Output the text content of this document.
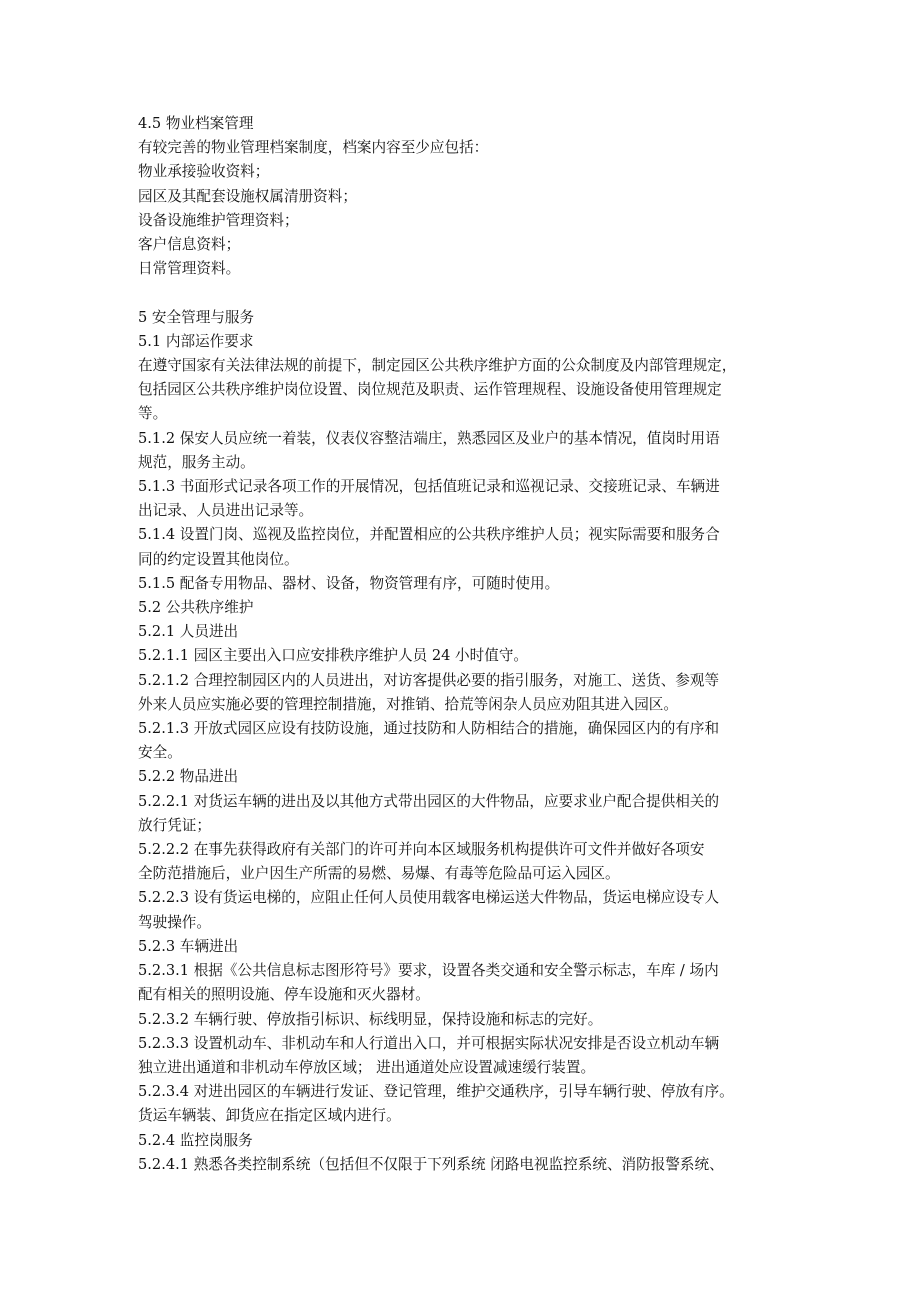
4.5 物业档案管理
有较完善的物业管理档案制度，档案内容至少应包括：
物业承接验收资料；
园区及其配套设施权属清册资料；
设备设施维护管理资料；
客户信息资料；
日常管理资料。
5 安全管理与服务
5.1 内部运作要求
在遵守国家有关法律法规的前提下，制定园区公共秩序维护方面的公众制度及内部管理规定，
包括园区公共秩序维护岗位设置、岗位规范及职责、运作管理规程、设施设备使用管理规定
等。
5.1.2 保安人员应统一着装，仪表仪容整洁端庄，熟悉园区及业户的基本情况，值岗时用语
规范，服务主动。
5.1.3 书面形式记录各项工作的开展情况，包括值班记录和巡视记录、交接班记录、车辆进
出记录、人员进出记录等。
5.1.4 设置门岗、巡视及监控岗位，并配置相应的公共秩序维护人员；视实际需要和服务合
同的约定设置其他岗位。
5.1.5 配备专用物品、器材、设备，物资管理有序，可随时使用。
5.2 公共秩序维护
5.2.1 人员进出
5.2.1.1 园区主要出入口应安排秩序维护人员 24 小时值守。
5.2.1.2 合理控制园区内的人员进出，对访客提供必要的指引服务，对施工、送货、参观等
外来人员应实施必要的管理控制措施，对推销、拾荒等闲杂人员应劝阻其进入园区。
5.2.1.3 开放式园区应设有技防设施，通过技防和人防相结合的措施，确保园区内的有序和
安全。
5.2.2 物品进出
5.2.2.1 对货运车辆的进出及以其他方式带出园区的大件物品，应要求业户配合提供相关的
放行凭证；
5.2.2.2 在事先获得政府有关部门的许可并向本区域服务机构提供许可文件并做好各项安
全防范措施后，业户因生产所需的易燃、易爆、有毒等危险品可运入园区。
5.2.2.3 设有货运电梯的，应阻止任何人员使用载客电梯运送大件物品，货运电梯应设专人
驾驶操作。
5.2.3 车辆进出
5.2.3.1 根据《公共信息标志图形符号》要求，设置各类交通和安全警示标志，车库 / 场内
配有相关的照明设施、停车设施和灭火器材。
5.2.3.2 车辆行驶、停放指引标识、标线明显，保持设施和标志的完好。
5.2.3.3 设置机动车、非机动车和人行道出入口，并可根据实际状况安排是否设立机动车辆
独立进出通道和非机动车停放区域； 进出通道处应设置减速缓行装置。
5.2.3.4 对进出园区的车辆进行发证、登记管理，维护交通秩序，引导车辆行驶、停放有序。
货运车辆装、卸货应在指定区域内进行。
5.2.4 监控岗服务
5.2.4.1 熟悉各类控制系统（包括但不仅限于下列系统 闭路电视监控系统、消防报警系统、
